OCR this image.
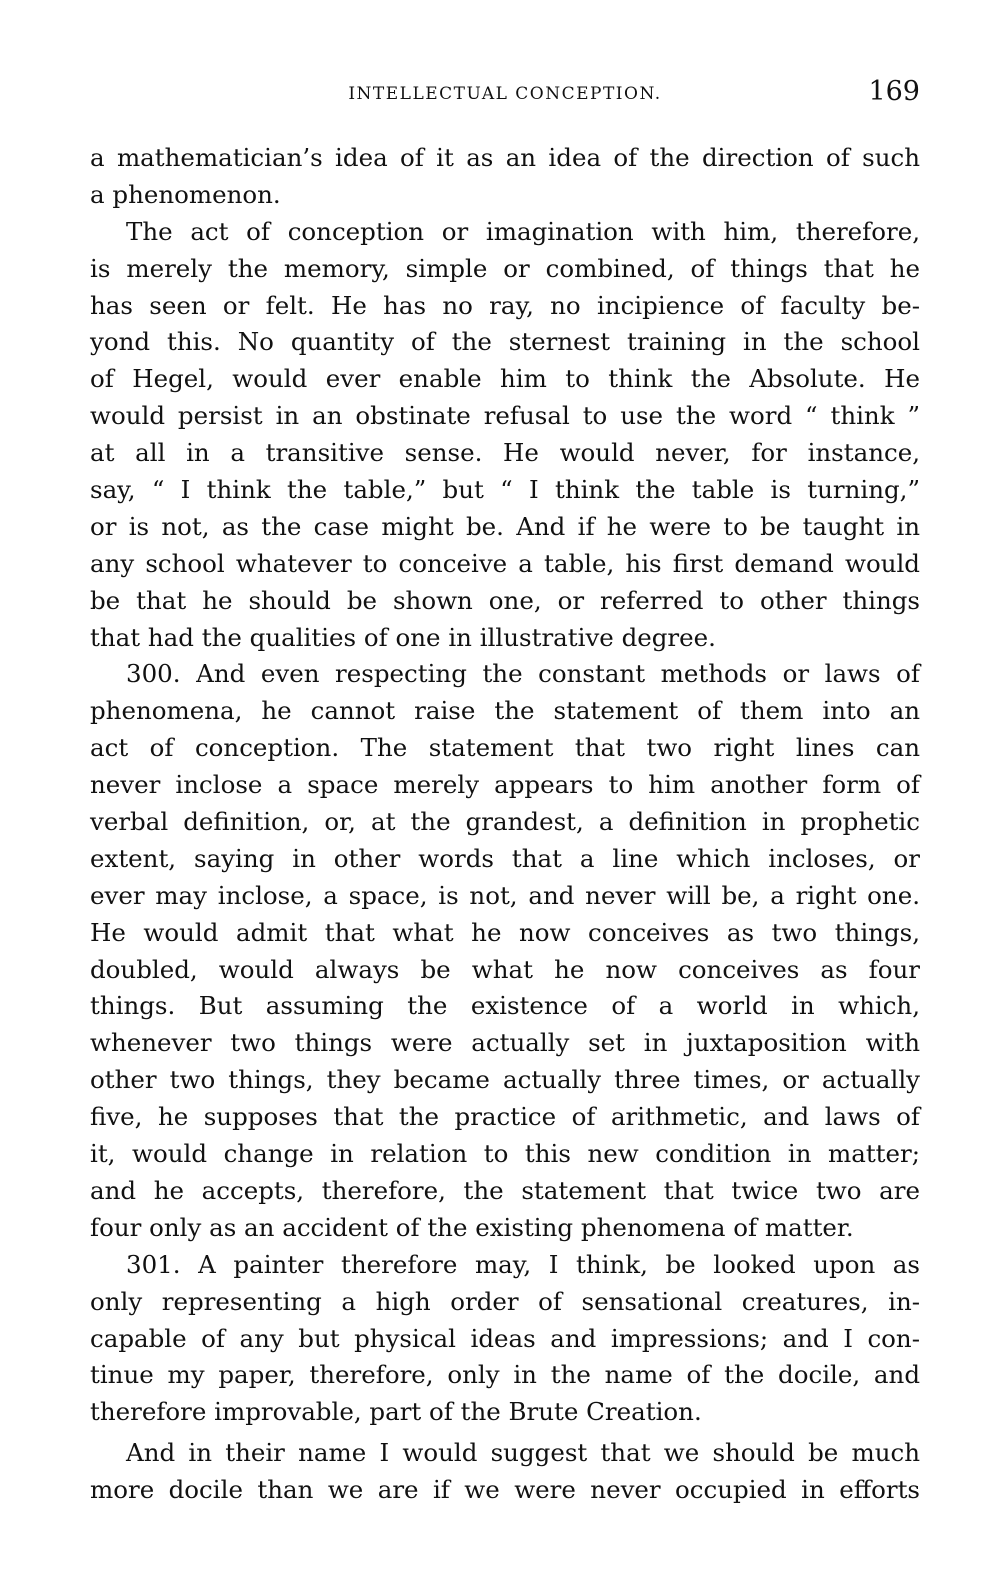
INTELLECTUAL CONCEPTION.	169
a mathematician’s idea of it as an idea of the direction of such
a phenomenon.
The act of conception or imagination with him, therefore,
is merely the memory, simple or combined, of things that he
has seen or felt. He has no ray, no incipience of faculty be-
yond this. No quantity of the sternest training in the school
of Hegel, would ever enable him to think the Absolute. He
would persist in an obstinate refusal to use the word “ think ”
at all in a transitive sense. He would never, for instance,
say, “ I think the table,” but “ I think the table is turning,”
or is not, as the case might be. And if he were to be taught in
any school whatever to conceive a table, his first demand would
be that he should be shown one, or referred to other things
that had the qualities of one in illustrative degree.
300. And even respecting the constant methods or laws of
phenomena, he cannot raise the statement of them into an
act of conception. The statement that two right lines can
never inclose a space merely appears to him another form of
verbal definition, or, at the grandest, a definition in prophetic
extent, saying in other words that a line which incloses, or
ever may inclose, a space, is not, and never will be, a right one.
He would admit that what he now conceives as two things,
doubled, would always be what he now conceives as four
things. But assuming the existence of a world in which,
whenever two things were actually set in juxtaposition with
other two things, they became actually three times, or actually
five, he supposes that the practice of arithmetic, and laws of
it, would change in relation to this new condition in matter;
and he accepts, therefore, the statement that twice two are
four only as an accident of the existing phenomena of matter.
301. A painter therefore may, I think, be looked upon as
only representing a high order of sensational creatures, in-
capable of any but physical ideas and impressions; and I con-
tinue my paper, therefore, only in the name of the docile, and
therefore improvable, part of the Brute Creation.
And in their name I would suggest that we should be much
more docile than we are if we were never occupied in efforts
